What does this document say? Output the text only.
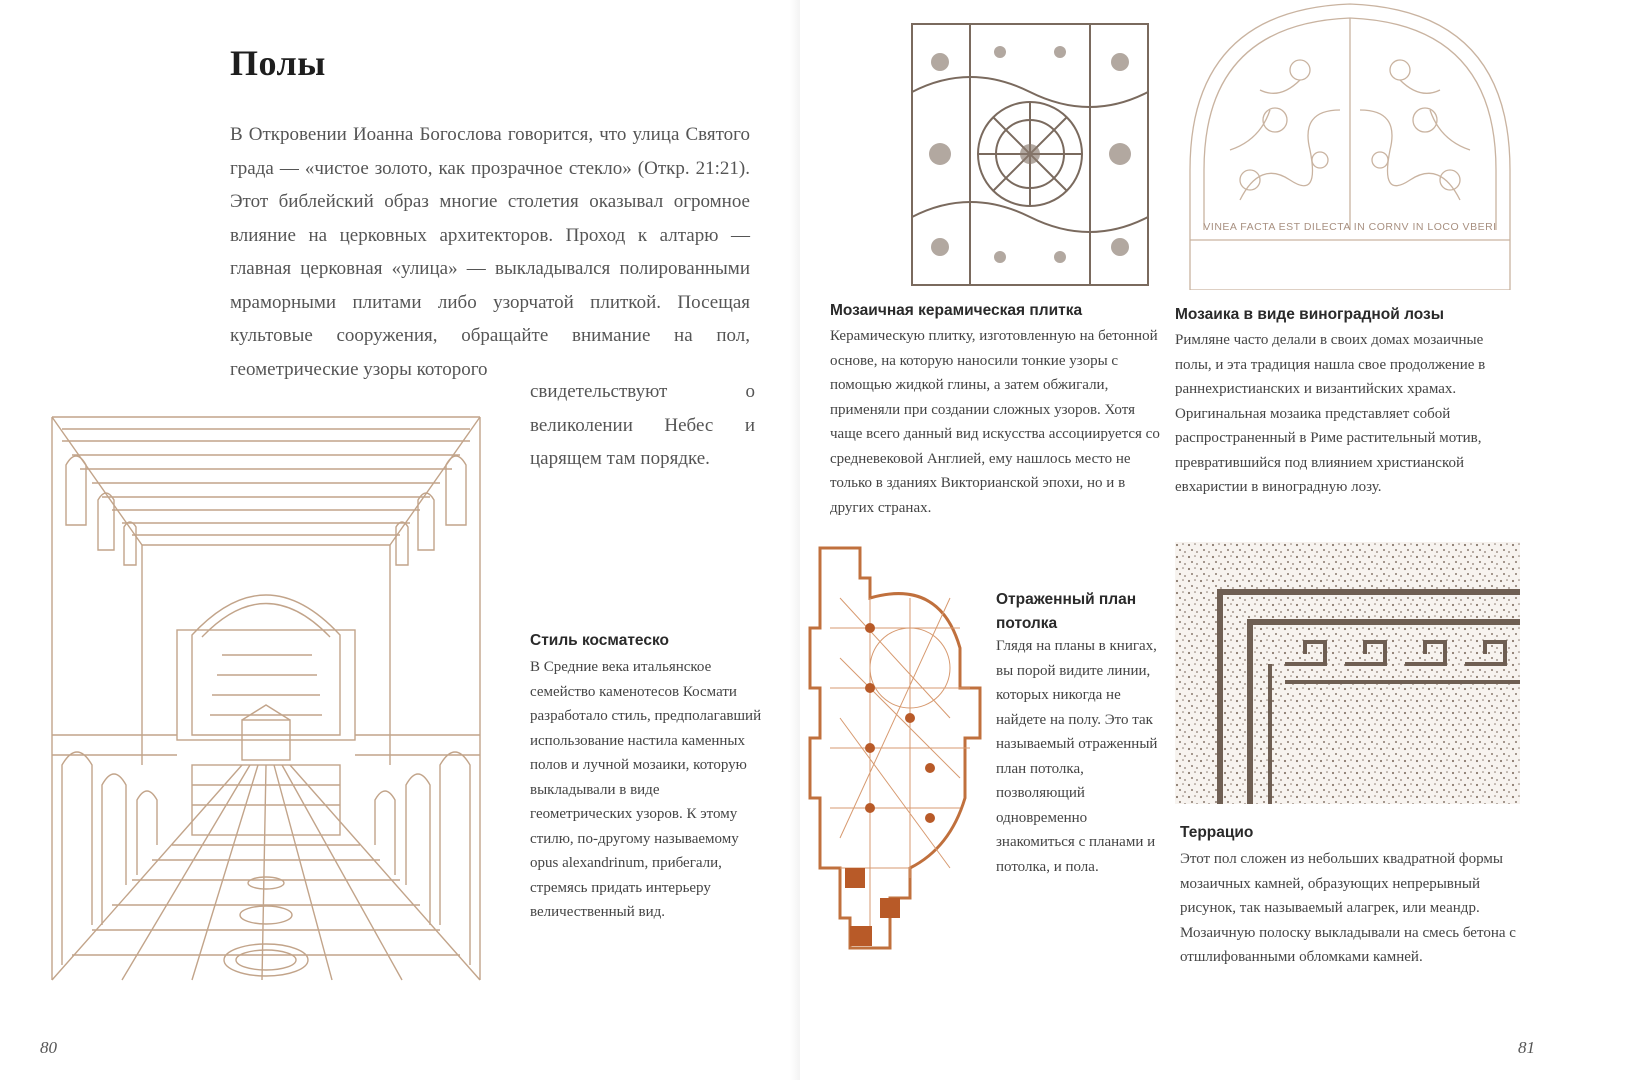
Полы

В Откровении Иоанна Богослова говорится, что улица Святого града — «чистое золото, как прозрачное стекло» (Откр. 21:21). Этот библейский образ многие столетия оказывал огромное влияние на церковных архитекторов. Проход к алтарю — главная церковная «улица» — выкладывался полированными мраморными плитами либо узорчатой плиткой. Посещая культовые сооружения, обращайте внимание на пол, геометрические узоры которого

свидетельствуют о великолении Небес и царящем там порядке.

Стиль косматеско

В Средние века итальянское семейство каменотесов Космати разработало стиль, предполагавший использование настила каменных полов и лучной мозаики, которую выкладывали в виде геометрических узоров. К этому стилю, по-другому называемому opus alexandrinum, прибегали, стремясь придать интерьеру величественный вид.

80
VINEA FACTA EST DILECTA IN CORNV IN LOCO VBERI
Мозаичная керамическая плитка

Керамическую плитку, изготовленную на бетонной основе, на которую наносили тонкие узоры с помощью жидкой глины, а затем обжигали, применяли при создании сложных узоров. Хотя чаще всего данный вид искусства ассоциируется со средневековой Англией, ему нашлось место не только в зданиях Викторианской эпохи, но и в других странах.

Мозаика в виде виноградной лозы

Римляне часто делали в своих домах мозаичные полы, и эта традиция нашла свое продолжение в раннехристианских и византийских храмах. Оригинальная мозаика представляет собой распространенный в Риме растительный мотив, превратившийся под влиянием христианской евхаристии в виноградную лозу.

Отраженный план потолка

Глядя на планы в книгах, вы порой видите линии, которых никогда не найдете на полу. Это так называемый отраженный план потолка, позволяющий одновременно знакомиться с планами и потолка, и пола.

Террацио

Этот пол сложен из небольших квадратной формы мозаичных камней, образующих непрерывный рисунок, так называемый алагрек, или меандр. Мозаичную полоску выкладывали на смесь бетона с отшлифованными обломками камней.

81
